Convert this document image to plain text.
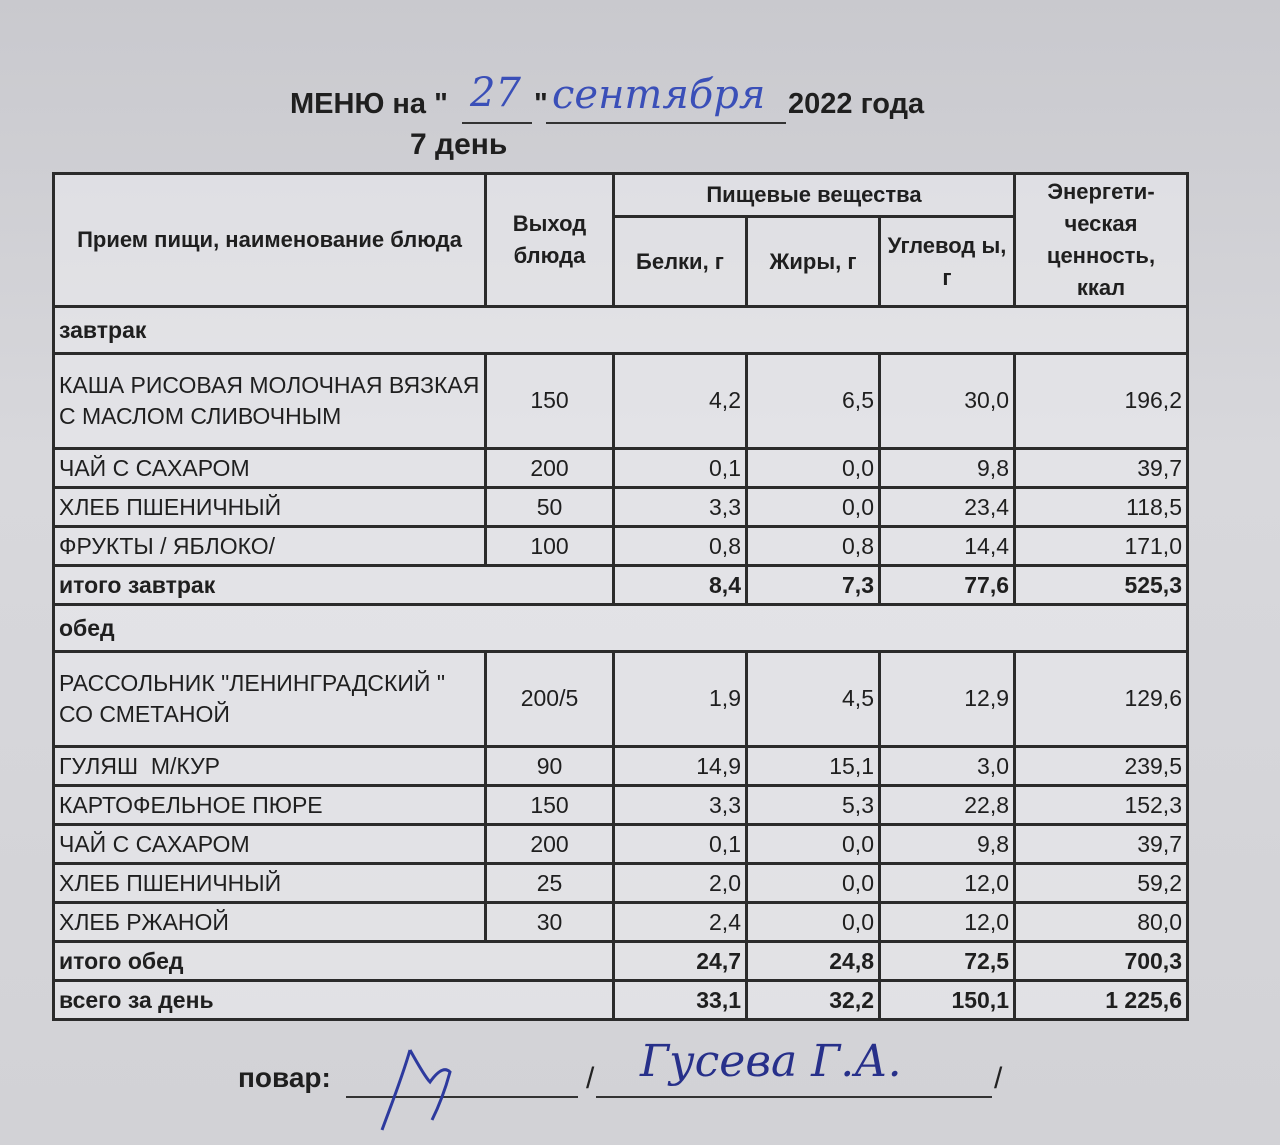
МЕНЮ на " 27 " сентября 2022 года
7 день
Прием пищи, наименование блюда	Выход блюда	Пищевые вещества			Энергети-ческая ценность, ккал
		Белки, г	Жиры, г	Углевод ы, г	
завтрак					
КАША РИСОВАЯ МОЛОЧНАЯ ВЯЗКАЯ С МАСЛОМ СЛИВОЧНЫМ	150	4,2	6,5	30,0	196,2
ЧАЙ С САХАРОМ	200	0,1	0,0	9,8	39,7
ХЛЕБ ПШЕНИЧНЫЙ	50	3,3	0,0	23,4	118,5
ФРУКТЫ / ЯБЛОКО/	100	0,8	0,8	14,4	171,0
итого завтрак		8,4	7,3	77,6	525,3
обед					
РАССОЛЬНИК "ЛЕНИНГРАДСКИЙ " СО СМЕТАНОЙ	200/5	1,9	4,5	12,9	129,6
ГУЛЯШ  М/КУР	90	14,9	15,1	3,0	239,5
КАРТОФЕЛЬНОЕ ПЮРЕ	150	3,3	5,3	22,8	152,3
ЧАЙ С САХАРОМ	200	0,1	0,0	9,8	39,7
ХЛЕБ ПШЕНИЧНЫЙ	25	2,0	0,0	12,0	59,2
ХЛЕБ РЖАНОЙ	30	2,4	0,0	12,0	80,0
итого обед		24,7	24,8	72,5	700,3
всего за день		33,1	32,2	150,1	1 225,6
повар:	/	/
Гусева Г.А.
